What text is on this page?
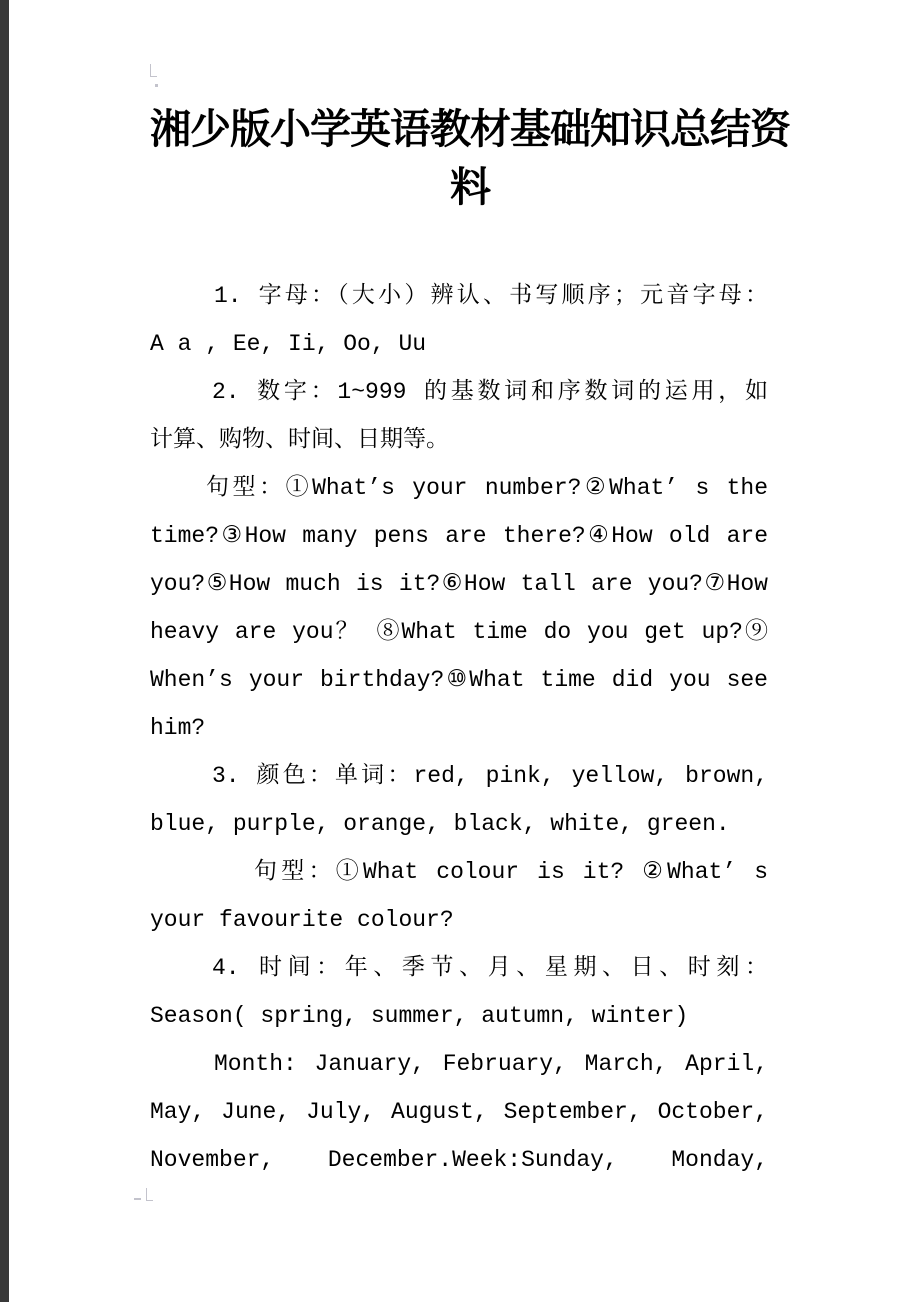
湘少版小学英语教材基础知识总结资
料
1. 字母：（大小）辨认、书写顺序；元音字母：
A a , Ee, Ii, Oo, Uu
2. 数字：1~999 的基数词和序数词的运用，如
计算、购物、时间、日期等。
句型：①What’s your number?②What’ s the
time?③How many pens are there?④How old are
you?⑤How much is it?⑥How tall are you?⑦How
heavy are you？ ⑧What time do you get up?⑨
When’s your birthday?⑩What time did you see
him?
3. 颜色：单词：red, pink, yellow, brown,
blue, purple, orange, black, white, green.
句型：①What colour is it? ②What’ s
your favourite colour?
4. 时间：年、季节、月、星期、日、时刻：
Season( spring, summer, autumn, winter)
Month: January, February, March, April,
May, June, July, August, September, October,
November, December.Week:Sunday, Monday,
